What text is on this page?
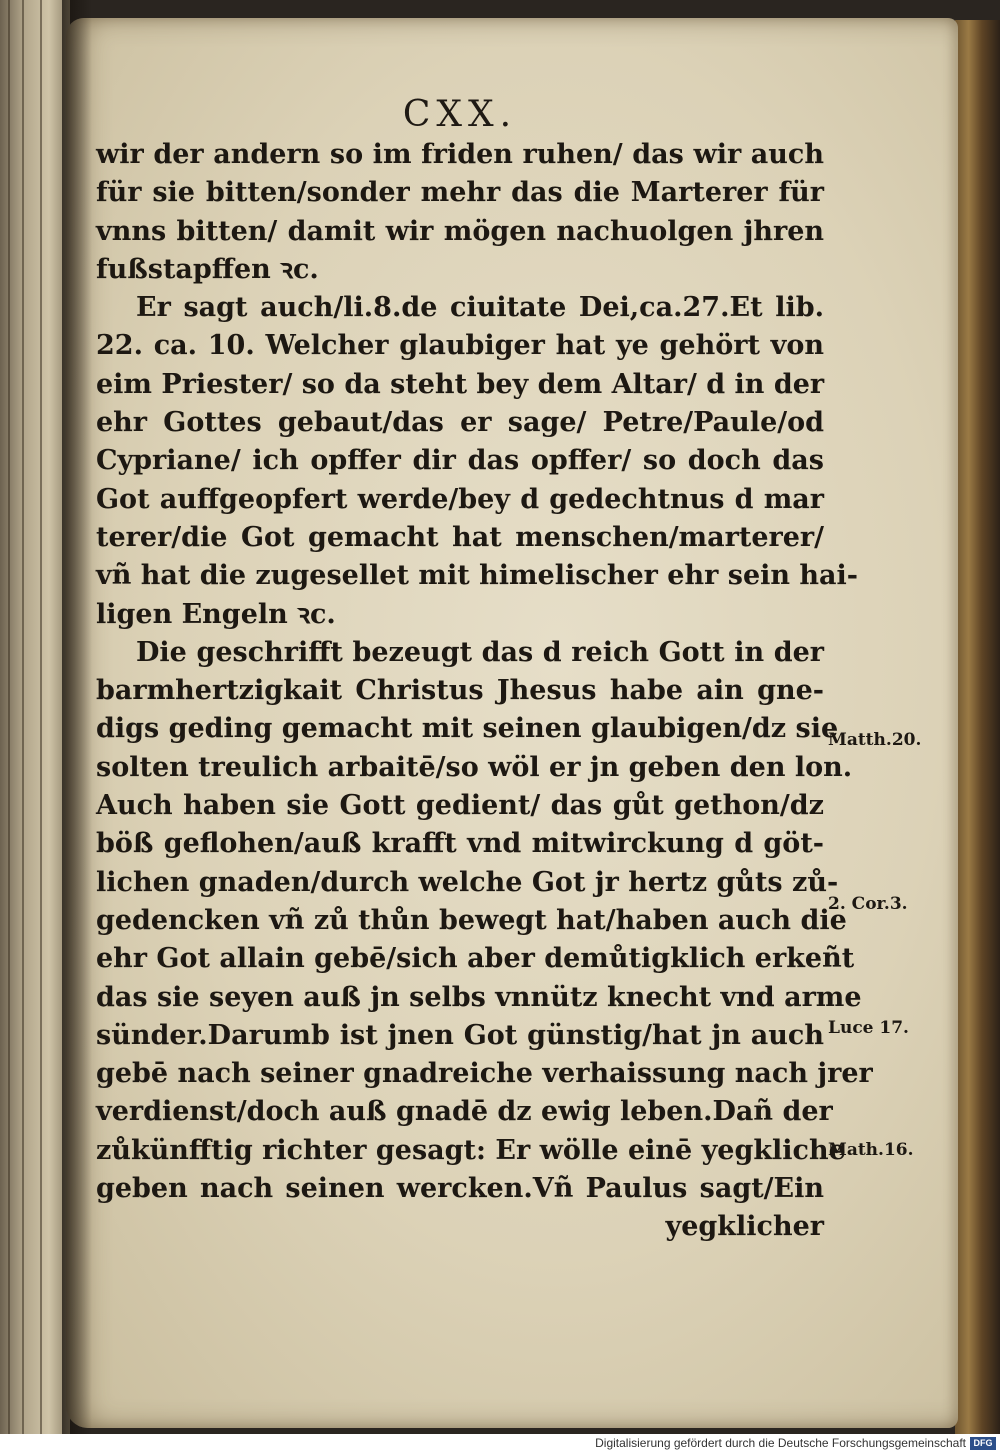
CXX.
wir der andern so im friden ruhen/ das wir auch
für sie bitten/sonder mehr das die Marterer für
vnns bitten/ damit wir mögen nachuolgen jhren
fußstapffen ꝛc.
Er sagt auch/li.8.de ciuitate Dei,ca.27.Et lib.
22. ca. 10. Welcher glaubiger hat ye gehört von
eim Priester/ so da steht bey dem Altar/ d in der
ehr Gottes gebaut/das er sage/ Petre/Paule/od
Cypriane/ ich opffer dir das opffer/ so doch das
Got auffgeopfert werde/bey d gedechtnus d mar
terer/die Got gemacht hat menschen/marterer/
vñ hat die zugesellet mit himelischer ehr sein hai-
ligen Engeln ꝛc.
Die geschrifft bezeugt das d reich Gott in der
barmhertzigkait Christus Jhesus habe ain gne-
digs geding gemacht mit seinen glaubigen/dz sie
solten treulich arbaitē/so wöl er jn geben den lon.
Auch haben sie Gott gedient/ das gůt gethon/dz
böß geflohen/auß krafft vnd mitwirckung d göt-
lichen gnaden/durch welche Got jr hertz gůts zů-
gedencken vñ zů thůn bewegt hat/haben auch die
ehr Got allain gebē/sich aber demůtigklich erkeñt
das sie seyen auß jn selbs vnnütz knecht vnd arme
sünder.Darumb ist jnen Got günstig/hat jn auch
gebē nach seiner gnadreiche verhaissung nach jrer
verdienst/doch auß gnadē dz ewig leben.Dañ der
zůkünfftig richter gesagt: Er wölle einē yegkliche
geben nach seinen wercken.Vñ Paulus sagt/Ein
yegklicher
Matth.20.
2. Cor.3.
Luce 17.
Math.16.
Digitalisierung gefördert durch die Deutsche Forschungsgemeinschaft DFG
